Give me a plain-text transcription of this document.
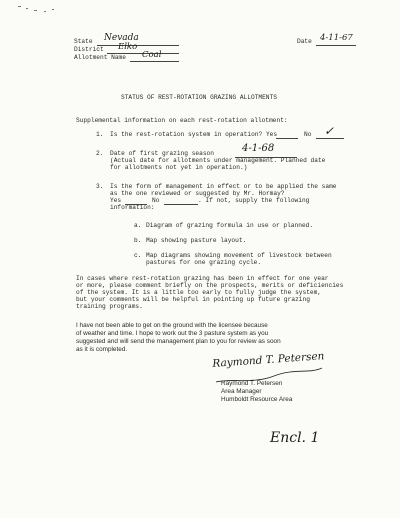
State Nevada
District Elko
Allotment Name Coal
Date 4-11-67
STATUS OF REST-ROTATION GRAZING ALLOTMENTS
Supplemental information on each rest-rotation allotment:
1. Is the rest-rotation system in operation? Yes	No ✓
2. Date of first grazing season	4-1-68
(Actual date for allotments under management. Planned date
for allotments not yet in operation.)
3. Is the form of management in effect or to be applied the same
as the one reviewed or suggested by Mr. Hormay?
Yes	No	. If not, supply the following
information:
a. Diagram of grazing formula in use or planned.
b. Map showing pasture layout.
c. Map diagrams showing movement of livestock between
pastures for one grazing cycle.
In cases where rest-rotation grazing has been in effect for one year
or more, please comment briefly on the prospects, merits or deficiencies
of the system. It is a little too early to fully judge the system,
but your comments will be helpful in pointing up future grazing
training programs.
I have not been able to get on the ground with the licensee because
of weather and time. I hope to work out the 3 pasture system as you
suggested and will send the management plan to you for review as soon
as it is completed.
Raymond T. Petersen
Raymond T. Petersen
Area Manager
Humboldt Resource Area
Encl. 1
